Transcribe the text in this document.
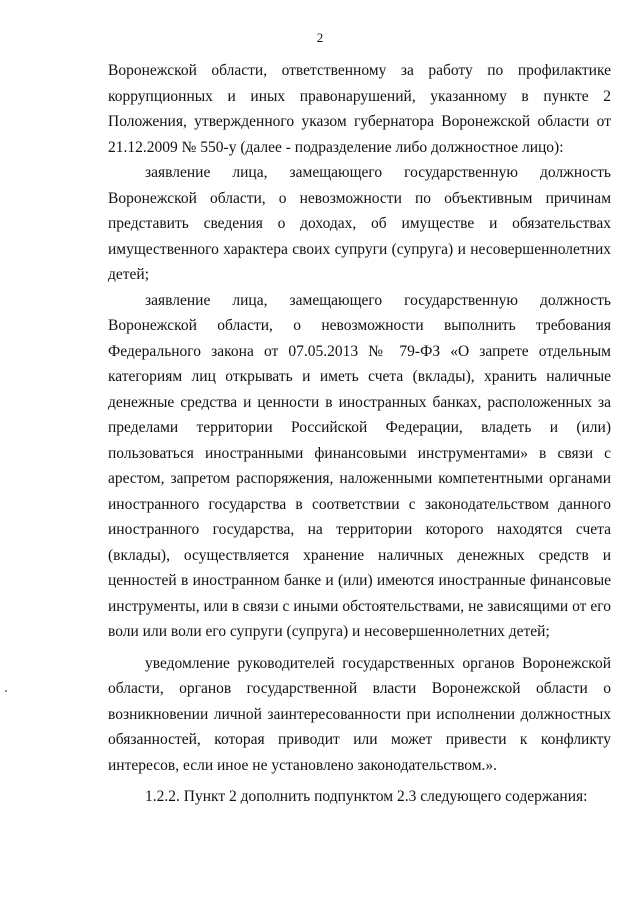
2

Воронежской области, ответственному за работу по профилактике коррупционных и иных правонарушений, указанному в пункте 2 Положения, утвержденного указом губернатора Воронежской области от 21.12.2009 № 550-у (далее - подразделение либо должностное лицо):

заявление лица, замещающего государственную должность Воронежской области, о невозможности по объективным причинам представить сведения о доходах, об имуществе и обязательствах имущественного характера своих супруги (супруга) и несовершеннолетних детей;

заявление лица, замещающего государственную должность Воронежской области, о невозможности выполнить требования Федерального закона от 07.05.2013 № 79-ФЗ «О запрете отдельным категориям лиц открывать и иметь счета (вклады), хранить наличные денежные средства и ценности в иностранных банках, расположенных за пределами территории Российской Федерации, владеть и (или) пользоваться иностранными финансовыми инструментами» в связи с арестом, запретом распоряжения, наложенными компетентными органами иностранного государства в соответствии с законодательством данного иностранного государства, на территории которого находятся счета (вклады), осуществляется хранение наличных денежных средств и ценностей в иностранном банке и (или) имеются иностранные финансовые инструменты, или в связи с иными обстоятельствами, не зависящими от его воли или воли его супруги (супруга) и несовершеннолетних детей;

уведомление руководителей государственных органов Воронежской области, органов государственной власти Воронежской области о возникновении личной заинтересованности при исполнении должностных обязанностей, которая приводит или может привести к конфликту интересов, если иное не установлено законодательством.».

1.2.2. Пункт 2 дополнить подпунктом 2.3 следующего содержания:
